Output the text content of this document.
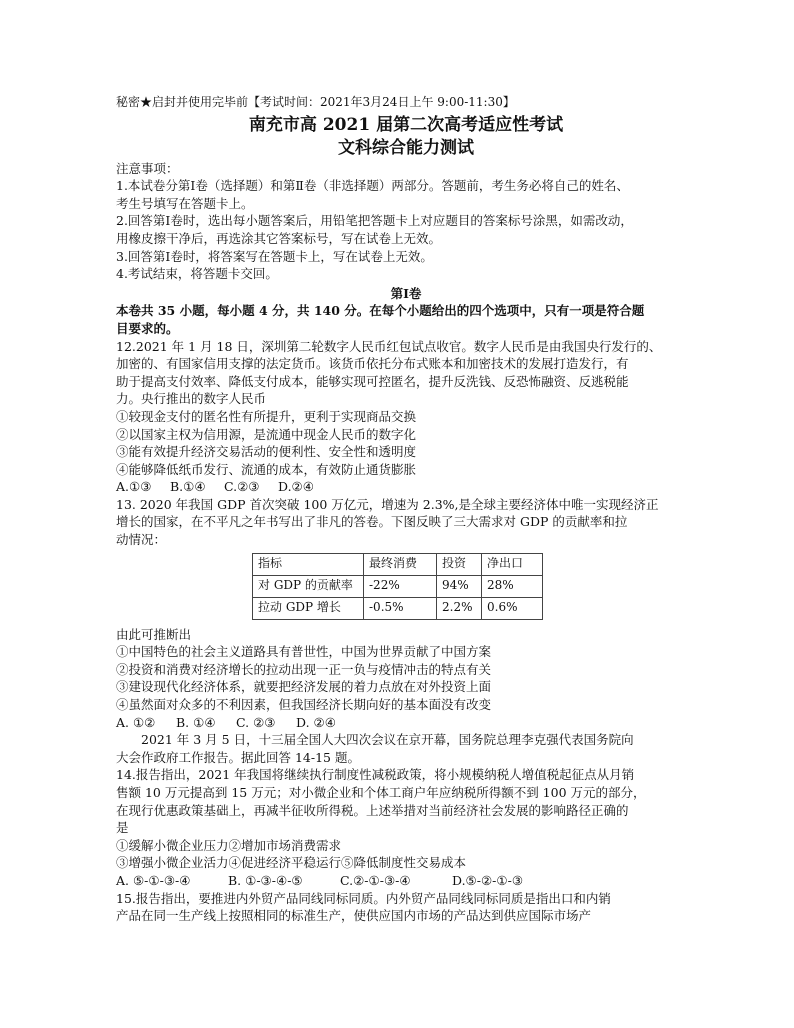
秘密★启封并使用完毕前【考试时间：2021年3月24日上午 9:00-11:30】
南充市高 2021 届第二次高考适应性考试
文科综合能力测试
注意事项：
1.本试卷分第Ⅰ卷（选择题）和第Ⅱ卷（非选择题）两部分。答题前，考生务必将自己的姓名、
考生号填写在答题卡上。
2.回答第Ⅰ卷时，选出每小题答案后，用铅笔把答题卡上对应题目的答案标号涂黑，如需改动，
用橡皮擦干净后，再选涂其它答案标号，写在试卷上无效。
3.回答第Ⅰ卷时，将答案写在答题卡上，写在试卷上无效。
4.考试结束，将答题卡交回。
第Ⅰ卷
本卷共 35 小题，每小题 4 分，共 140 分。在每个小题给出的四个选项中，只有一项是符合题
目要求的。
12.2021 年 1 月 18 日，深圳第二轮数字人民币红包试点收官。数字人民币是由我国央行发行的、
加密的、有国家信用支撑的法定货币。该货币依托分布式账本和加密技术的发展打造发行，有
助于提高支付效率、降低支付成本，能够实现可控匿名，提升反洗钱、反恐怖融资、反逃税能
力。央行推出的数字人民币
①较现金支付的匿名性有所提升，更利于实现商品交换
②以国家主权为信用源，是流通中现金人民币的数字化
③能有效提升经济交易活动的便利性、安全性和透明度
④能够降低纸币发行、流通的成本，有效防止通货膨胀
A.①③	B.①④	C.②③	D.②④
13. 2020 年我国 GDP 首次突破 100 万亿元，增速为 2.3%,是全球主要经济体中唯一实现经济正
增长的国家，在不平凡之年书写出了非凡的答卷。下图反映了三大需求对 GDP 的贡献率和拉
动情况：
指标	最终消费	投资	净出口
对 GDP 的贡献率	-22%	94%	28%
拉动 GDP 增长	-0.5%	2.2%	0.6%
由此可推断出
①中国特色的社会主义道路具有普世性，中国为世界贡献了中国方案
②投资和消费对经济增长的拉动出现一正一负与疫情冲击的特点有关
③建设现代化经济体系，就要把经济发展的着力点放在对外投资上面
④虽然面对众多的不利因素，但我国经济长期向好的基本面没有改变
A. ①②	B. ①④	C. ②③	D. ②④
2021 年 3 月 5 日，十三届全国人大四次会议在京开幕，国务院总理李克强代表国务院向
大会作政府工作报告。据此回答 14-15 题。
14.报告指出，2021 年我国将继续执行制度性减税政策，将小规模纳税人增值税起征点从月销
售额 10 万元提高到 15 万元；对小微企业和个体工商户年应纳税所得额不到 100 万元的部分，
在现行优惠政策基础上，再减半征收所得税。上述举措对当前经济社会发展的影响路径正确的
是
①缓解小微企业压力②增加市场消费需求
③增强小微企业活力④促进经济平稳运行⑤降低制度性交易成本
A. ⑤-①-③-④	B. ①-③-④-⑤	C.②-①-③-④	D.⑤-②-①-③
15.报告指出，要推进内外贸产品同线同标同质。内外贸产品同线同标同质是指出口和内销
产品在同一生产线上按照相同的标准生产，使供应国内市场的产品达到供应国际市场产
